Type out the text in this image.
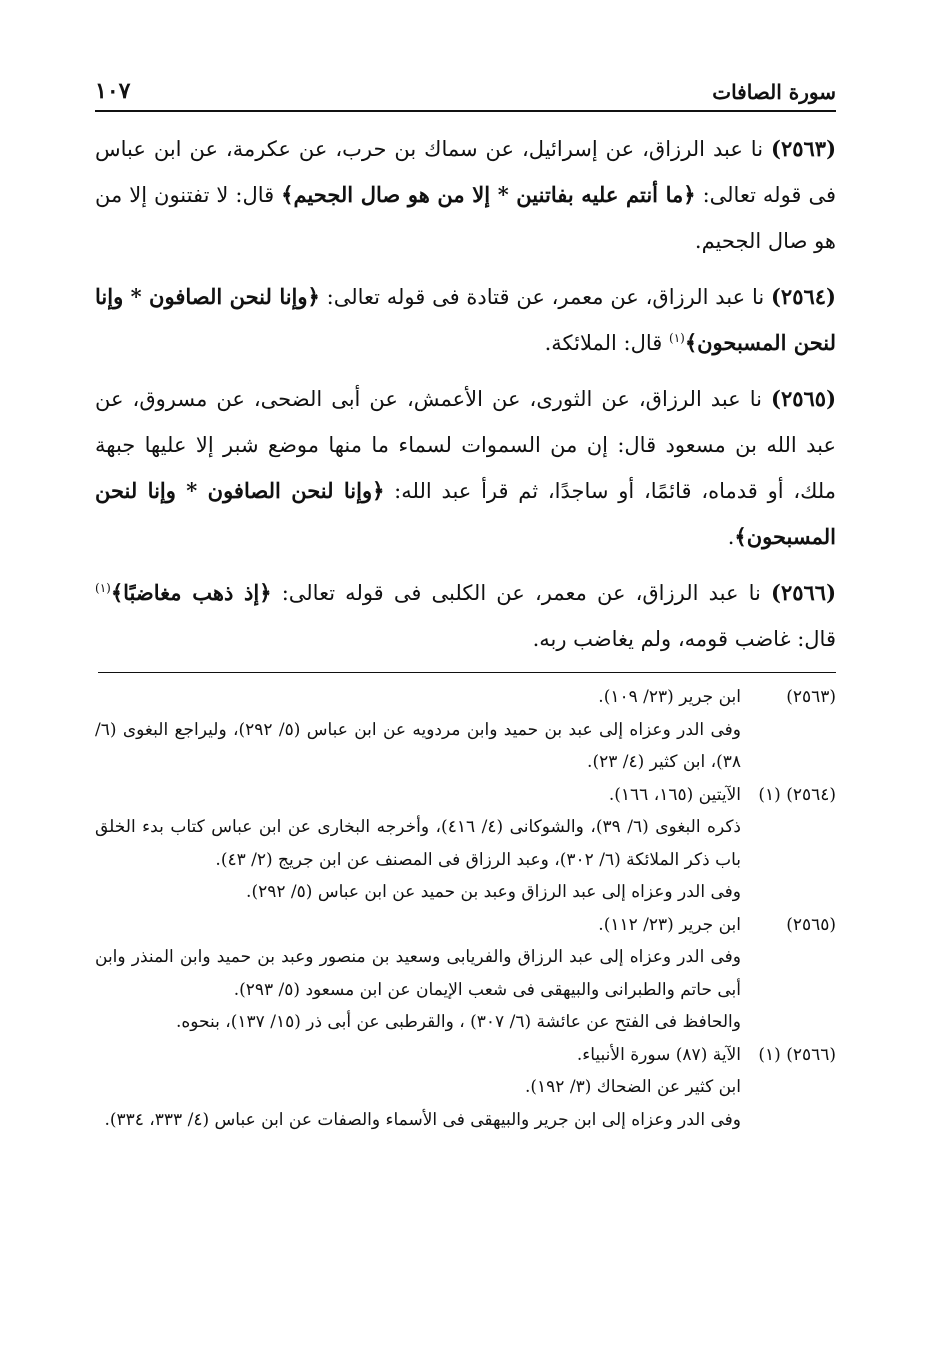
سورة الصافات
١٠٧

(٢٥٦٣) نا عبد الرزاق، عن إسرائيل، عن سماك بن حرب، عن عكرمة، عن ابن عباس فى قوله تعالى: ﴿ما أنتم عليه بفاتنين * إلا من هو صال الجحيم﴾ قال: لا تفتنون إلا من هو صال الجحيم.

(٢٥٦٤) نا عبد الرزاق، عن معمر، عن قتادة فى قوله تعالى: ﴿وإنا لنحن الصافون * وإنا لنحن المسبحون﴾$^{(١)}$ قال: الملائكة.

(٢٥٦٥) نا عبد الرزاق، عن الثورى، عن الأعمش، عن أبى الضحى، عن مسروق، عن عبد الله بن مسعود قال: إن من السموات لسماء ما منها موضع شبر إلا عليها جبهة ملك، أو قدماه، قائمًا، أو ساجدًا، ثم قرأ عبد الله: ﴿وإنا لنحن الصافون * وإنا لنحن المسبحون﴾.

(٢٥٦٦) نا عبد الرزاق، عن معمر، عن الكلبى فى قوله تعالى: ﴿إذ ذهب مغاضبًا﴾$^{(١)}$ قال: غاضب قومه، ولم يغاضب ربه.

(٢٥٦٣)
ابن جرير (٢٣/ ١٠٩).
وفى الدر وعزاه إلى عبد بن حميد وابن مردويه عن ابن عباس (٥/ ٢٩٢)، وليراجع البغوى (٦/ ٣٨)، ابن كثير (٤/ ٢٣).
(٢٥٦٤) (١)
الآيتين (١٦٥، ١٦٦).
ذكره البغوى (٦/ ٣٩)، والشوكانى (٤/ ٤١٦)، وأخرجه البخارى عن ابن عباس كتاب بدء الخلق باب ذكر الملائكة (٦/ ٣٠٢)، وعبد الرزاق فى المصنف عن ابن جريج (٢/ ٤٣).
وفى الدر وعزاه إلى عبد الرزاق وعبد بن حميد عن ابن عباس (٥/ ٢٩٢).
(٢٥٦٥)
ابن جرير (٢٣/ ١١٢).
وفى الدر وعزاه إلى عبد الرزاق والفريابى وسعيد بن منصور وعبد بن حميد وابن المنذر وابن أبى حاتم والطبرانى والبيهقى فى شعب الإيمان عن ابن مسعود (٥/ ٢٩٣).
والحافظ فى الفتح عن عائشة (٦/ ٣٠٧) ، والقرطبى عن أبى ذر (١٥/ ١٣٧)، بنحوه.
(٢٥٦٦) (١)
الآية (٨٧) سورة الأنبياء.
ابن كثير عن الضحاك (٣/ ١٩٢).
وفى الدر وعزاه إلى ابن جرير والبيهقى فى الأسماء والصفات عن ابن عباس (٤/ ٣٣٣، ٣٣٤).
